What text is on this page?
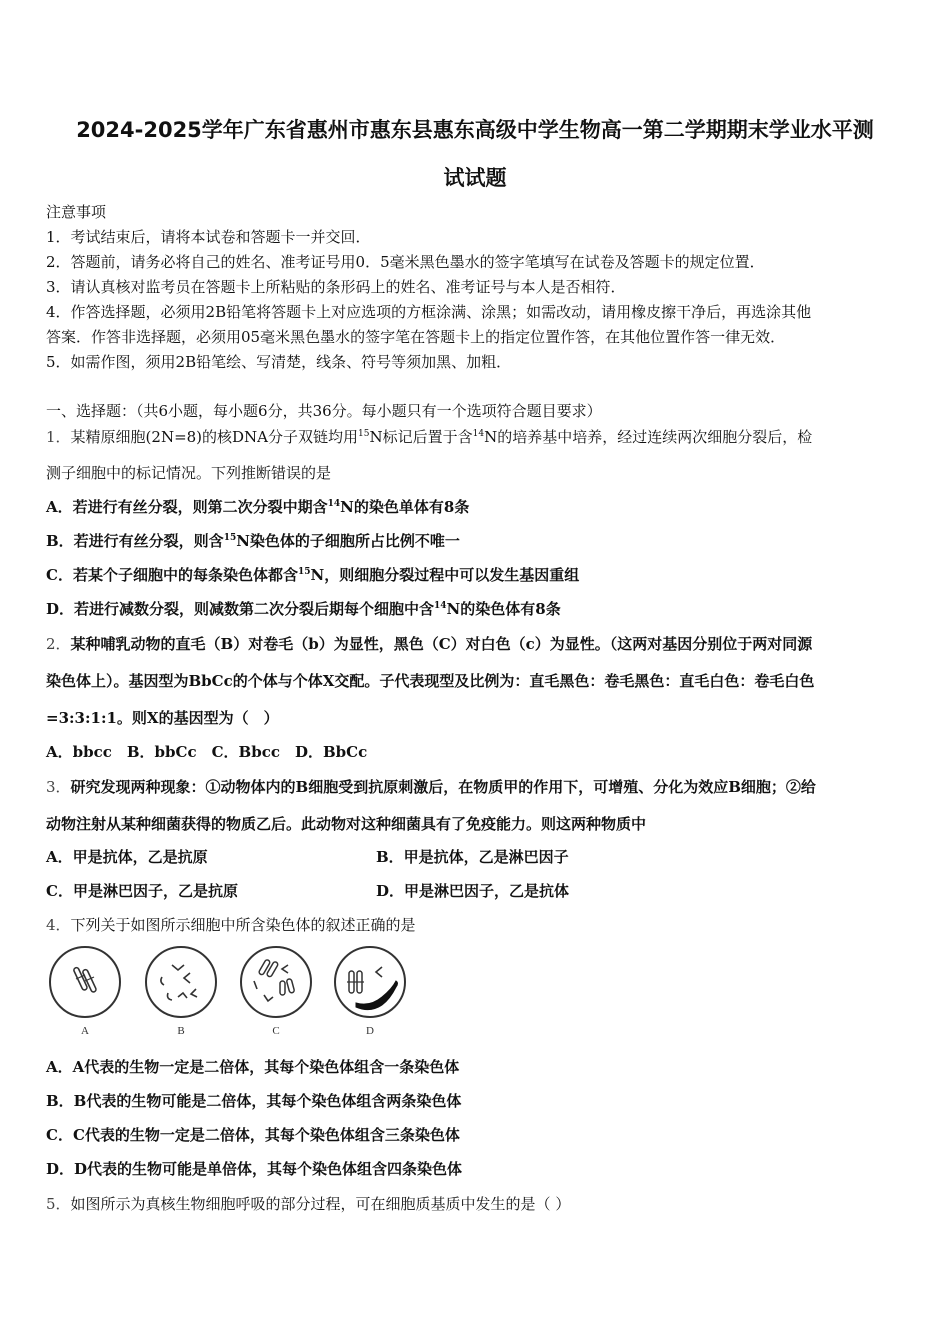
2024-2025学年广东省惠州市惠东县惠东高级中学生物高一第二学期期末学业水平测
试试题
注意事项
1．考试结束后，请将本试卷和答题卡一并交回．
2．答题前，请务必将自己的姓名、准考证号用0．5毫米黑色墨水的签字笔填写在试卷及答题卡的规定位置．
3．请认真核对监考员在答题卡上所粘贴的条形码上的姓名、准考证号与本人是否相符．
4．作答选择题，必须用2B铅笔将答题卡上对应选项的方框涂满、涂黑；如需改动，请用橡皮擦干净后，再选涂其他
答案．作答非选择题，必须用05毫米黑色墨水的签字笔在答题卡上的指定位置作答，在其他位置作答一律无效．
5．如需作图，须用2B铅笔绘、写清楚，线条、符号等须加黑、加粗．
一、选择题：（共6小题，每小题6分，共36分。每小题只有一个选项符合题目要求）
1．某精原细胞(2N=8)的核DNA分子双链均用$^{15}$N标记后置于含$^{14}$N的培养基中培养，经过连续两次细胞分裂后，检
测子细胞中的标记情况。下列推断错误的是
A．若进行有丝分裂，则第二次分裂中期含$^{14}$N的染色单体有8条
B．若进行有丝分裂，则含$^{15}$N染色体的子细胞所占比例不唯一
C．若某个子细胞中的每条染色体都含$^{15}$N，则细胞分裂过程中可以发生基因重组
D．若进行减数分裂，则减数第二次分裂后期每个细胞中含$^{14}$N的染色体有8条
2．某种哺乳动物的直毛（B）对卷毛（b）为显性，黑色（C）对白色（c）为显性。（这两对基因分别位于两对同源
染色体上）。基因型为BbCc的个体与个体X交配。子代表现型及比例为：直毛黑色：卷毛黑色：直毛白色：卷毛白色
=3:3:1:1。则X的基因型为（　）
A．bbcc　B．bbCc　C．Bbcc　D．BbCc
3．研究发现两种现象：①动物体内的B细胞受到抗原刺激后，在物质甲的作用下，可增殖、分化为效应B细胞；②给
动物注射从某种细菌获得的物质乙后。此动物对这种细菌具有了免疫能力。则这两种物质中
A．甲是抗体，乙是抗原	B．甲是抗体，乙是淋巴因子
C．甲是淋巴因子，乙是抗原	D．甲是淋巴因子，乙是抗体
4．下列关于如图所示细胞中所含染色体的叙述正确的是
A	B	C	D
A．A代表的生物一定是二倍体，其每个染色体组含一条染色体
B．B代表的生物可能是二倍体，其每个染色体组含两条染色体
C．C代表的生物一定是二倍体，其每个染色体组含三条染色体
D．D代表的生物可能是单倍体，其每个染色体组含四条染色体
5．如图所示为真核生物细胞呼吸的部分过程，可在细胞质基质中发生的是（ ）
